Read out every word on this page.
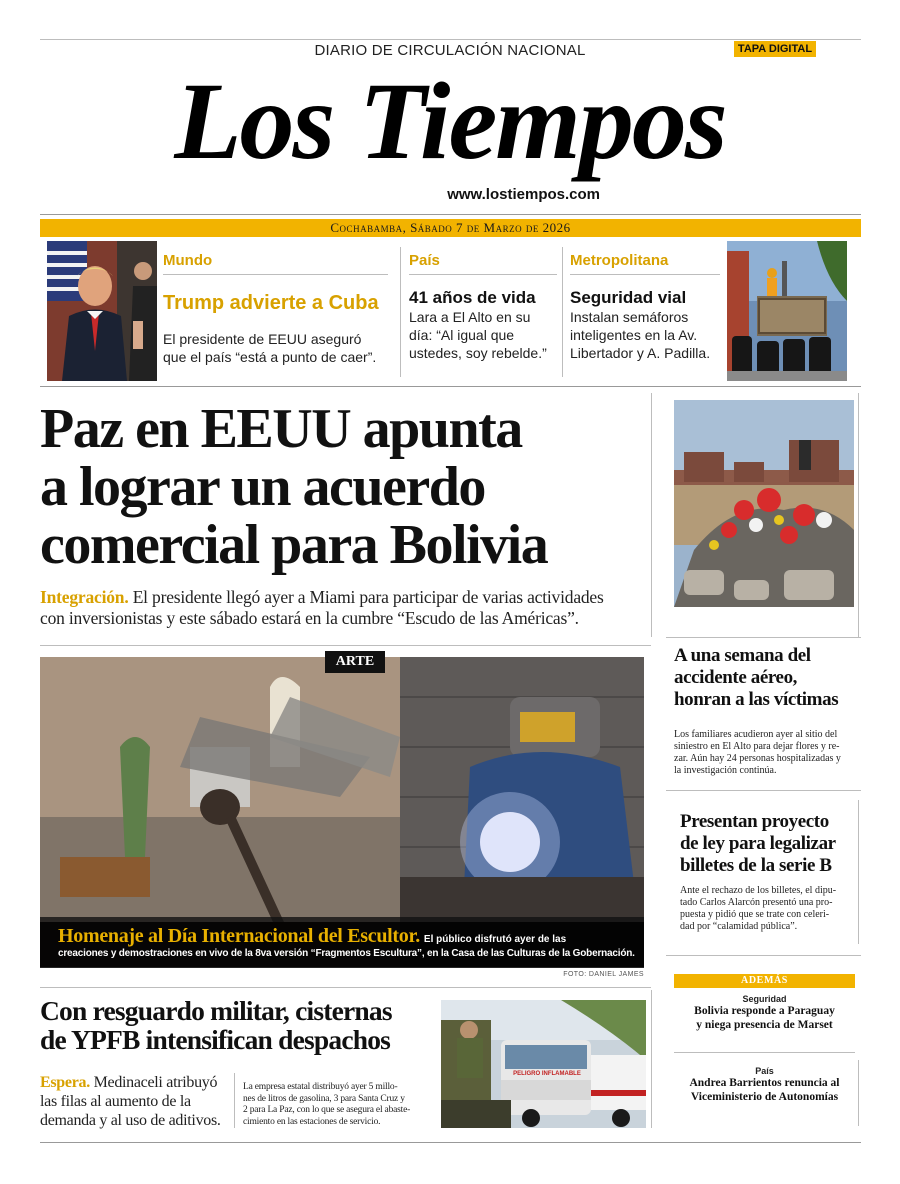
DIARIO DE CIRCULACIÓN NACIONAL	TAPA DIGITAL
Los Tiempos
www.lostiempos.com
Cochabamba, Sábado 7 de Marzo de 2026
Mundo
Trump advierte a Cuba
El presidente de EEUU aseguró
que el país “está a punto de caer”.
País
41 años de vida
Lara a El Alto en su
día: “Al igual que
ustedes, soy rebelde.”
Metropolitana
Seguridad vial
Instalan semáforos
inteligentes en la Av.
Libertador y A. Padilla.
Paz en EEUU apunta
a lograr un acuerdo
comercial para Bolivia
Integración. El presidente llegó ayer a Miami para participar de varias actividades
con inversionistas y este sábado estará en la cumbre “Escudo de las Américas”.
ARTE
Homenaje al Día Internacional del Escultor. El público disfrutó ayer de las
creaciones y demostraciones en vivo de la 8va versión “Fragmentos Escultura”, en la Casa de las Culturas de la Gobernación.
FOTO: DANIEL JAMES
A una semana del
accidente aéreo,
honran a las víctimas
Los familiares acudieron ayer al sitio del
siniestro en El Alto para dejar flores y re-
zar. Aún hay 24 personas hospitalizadas y
la investigación continúa.
Presentan proyecto
de ley para legalizar
billetes de la serie B
Ante el rechazo de los billetes, el dipu-
tado Carlos Alarcón presentó una pro-
puesta y pidió que se trate con celeri-
dad por “calamidad pública”.
ADEMÁS
Seguridad
Bolivia responde a Paraguay
y niega presencia de Marset
País
Andrea Barrientos renuncia al
Viceministerio de Autonomías
Con resguardo militar, cisternas
de YPFB intensifican despachos
Espera. Medinaceli atribuyó
las filas al aumento de la
demanda y al uso de aditivos.
La empresa estatal distribuyó ayer 5 millo-
nes de litros de gasolina, 3 para Santa Cruz y
2 para La Paz, con lo que se asegura el abaste-
cimiento en las estaciones de servicio.
PELIGRO INFLAMABLE
